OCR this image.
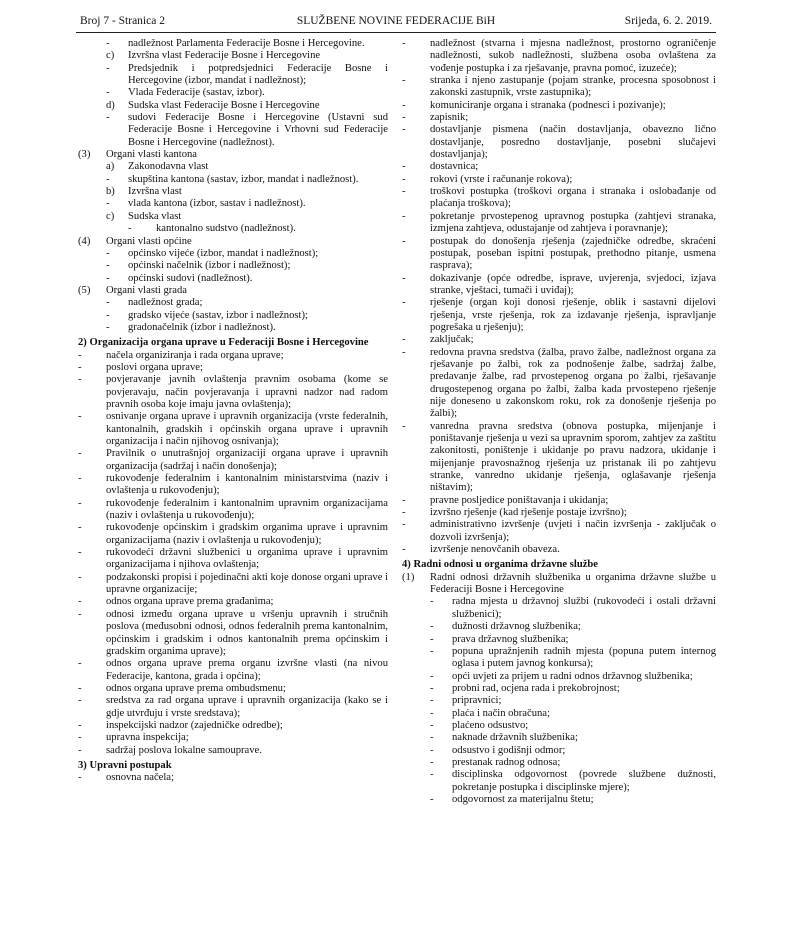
Broj 7 - Stranica 2	SLUŽBENE NOVINE FEDERACIJE BiH	Srijeda, 6. 2. 2019.
-	nadležnost Parlamenta Federacije Bosne i Hercegovine.
c)	Izvršna vlast Federacije Bosne i Hercegovine
-	Predsjednik i potpredsjednici Federacije Bosne i Hercegovine (izbor, mandat i nadležnost);
-	Vlada Federacije (sastav, izbor).
d)	Sudska vlast Federacije Bosne i Hercegovine
-	sudovi Federacije Bosne i Hercegovine (Ustavni sud Federacije Bosne i Hercegovine i Vrhovni sud Federacije Bosne i Hercegovine (nadležnost).
(3)	Organi vlasti kantona
a)	Zakonodavna vlast
-	skupština kantona (sastav, izbor, mandat i nadležnost).
b)	Izvršna vlast
-	vlada kantona (izbor, sastav i nadležnost).
c)	Sudska vlast
-	kantonalno sudstvo (nadležnost).
(4)	Organi vlasti općine
-	općinsko vijeće (izbor, mandat i nadležnost);
-	općinski načelnik (izbor i nadležnost);
-	općinski sudovi (nadležnost).
(5)	Organi vlasti grada
-	nadležnost grada;
-	gradsko vijeće (sastav, izbor i nadležnost);
-	gradonačelnik (izbor i nadležnost).
2) Organizacija organa uprave u Federaciji Bosne i Hercegovine
-	načela organiziranja i rada organa uprave;
-	poslovi organa uprave;
-	povjeravanje javnih ovlaštenja pravnim osobama (kome se povjeravaju, način povjeravanja i upravni nadzor nad radom pravnih osoba koje imaju javna ovlaštenja);
-	osnivanje organa uprave i upravnih organizacija (vrste federalnih, kantonalnih, gradskih i općinskih organa uprave i upravnih organizacija i način njihovog osnivanja);
-	Pravilnik o unutrašnjoj organizaciji organa uprave i upravnih organizacija (sadržaj i način donošenja);
-	rukovođenje federalnim i kantonalnim ministarstvima (naziv i ovlaštenja u rukovođenju);
-	rukovođenje federalnim i kantonalnim upravnim organizacijama (naziv i ovlaštenja u rukovođenju);
-	rukovođenje općinskim i gradskim organima uprave i upravnim organizacijama (naziv i ovlaštenja u rukovođenju);
-	rukovodeći državni službenici u organima uprave i upravnim organizacijama i njihova ovlaštenja;
-	podzakonski propisi i pojedinačni akti koje donose organi uprave i upravne organizacije;
-	odnos organa uprave prema građanima;
-	odnosi između organa uprave u vršenju upravnih i stručnih poslova (međusobni odnosi, odnos federalnih prema kantonalnim, općinskim i gradskim i odnos kantonalnih prema općinskim i gradskim organima uprave);
-	odnos organa uprave prema organu izvršne vlasti (na nivou Federacije, kantona, grada i općina);
-	odnos organa uprave prema ombudsmenu;
-	sredstva za rad organa uprave i upravnih organizacija (kako se i gdje utvrđuju i vrste sredstava);
-	inspekcijski nadzor (zajedničke odredbe);
-	upravna inspekcija;
-	sadržaj poslova lokalne samouprave.
3) Upravni postupak
-	osnovna načela;
-	nadležnost (stvarna i mjesna nadležnost, prostorno ograničenje nadležnosti, sukob nadležnosti, službena osoba ovlaštena za vođenje postupka i za rješavanje, pravna pomoć, izuzeće);
-	stranka i njeno zastupanje (pojam stranke, procesna sposobnost i zakonski zastupnik, vrste zastupnika);
-	komuniciranje organa i stranaka (podnesci i pozivanje);
-	zapisnik;
-	dostavljanje pismena (način dostavljanja, obavezno lično dostavljanje, posredno dostavljanje, posebni slučajevi dostavljanja);
-	dostavnica;
-	rokovi (vrste i računanje rokova);
-	troškovi postupka (troškovi organa i stranaka i oslobađanje od plaćanja troškova);
-	pokretanje prvostepenog upravnog postupka (zahtjevi stranaka, izmjena zahtjeva, odustajanje od zahtjeva i poravnanje);
-	postupak do donošenja rješenja (zajedničke odredbe, skraćeni postupak, poseban ispitni postupak, prethodno pitanje, usmena rasprava);
-	dokazivanje (opće odredbe, isprave, uvjerenja, svjedoci, izjava stranke, vještaci, tumači i uviđaj);
-	rješenje (organ koji donosi rješenje, oblik i sastavni dijelovi rješenja, vrste rješenja, rok za izdavanje rješenja, ispravljanje pogrešaka u rješenju);
-	zaključak;
-	redovna pravna sredstva (žalba, pravo žalbe, nadležnost organa za rješavanje po žalbi, rok za podnošenje žalbe, sadržaj žalbe, predavanje žalbe, rad prvostepenog organa po žalbi, rješavanje drugostepenog organa po žalbi, žalba kada prvostepeno rješenje nije doneseno u zakonskom roku, rok za donošenje rješenja po žalbi);
-	vanredna pravna sredstva (obnova postupka, mijenjanje i poništavanje rješenja u vezi sa upravnim sporom, zahtjev za zaštitu zakonitosti, poništenje i ukidanje po pravu nadzora, ukidanje i mijenjanje pravosnažnog rješenja uz pristanak ili po zahtjevu stranke, vanredno ukidanje rješenja, oglašavanje rješenja ništavim);
-	pravne posljedice poništavanja i ukidanja;
-	izvršno rješenje (kad rješenje postaje izvršno);
-	administrativno izvršenje (uvjeti i način izvršenja - zaključak o dozvoli izvršenja);
-	izvršenje nenovčanih obaveza.
4) Radni odnosi u organima državne službe
(1)	Radni odnosi državnih službenika u organima državne službe u Federaciji Bosne i Hercegovine
-	radna mjesta u državnoj službi (rukovodeći i ostali državni službenici);
-	dužnosti državnog službenika;
-	prava državnog službenika;
-	popuna upražnjenih radnih mjesta (popuna putem internog oglasa i putem javnog konkursa);
-	opći uvjeti za prijem u radni odnos državnog službenika;
-	probni rad, ocjena rada i prekobrojnost;
-	pripravnici;
-	plaća i način obračuna;
-	plaćeno odsustvo;
-	naknade državnih službenika;
-	odsustvo i godišnji odmor;
-	prestanak radnog odnosa;
-	disciplinska odgovornost (povrede službene dužnosti, pokretanje postupka i disciplinske mjere);
-	odgovornost za materijalnu štetu;
